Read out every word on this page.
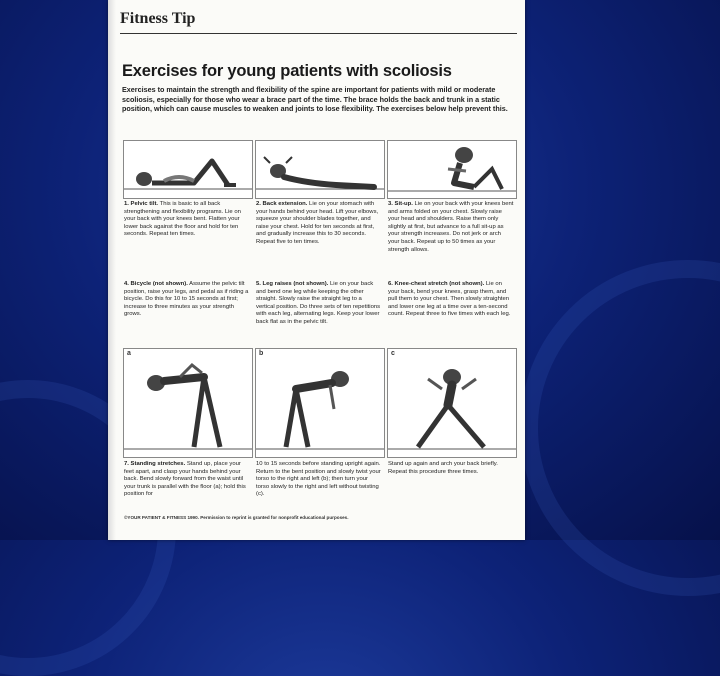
Fitness Tip
Exercises for young patients with scoliosis
Exercises to maintain the strength and flexibility of the spine are important for patients with mild or moderate scoliosis, especially for those who wear a brace part of the time. The brace holds the back and trunk in a static position, which can cause muscles to weaken and joints to lose flexibility. The exercises below help prevent this.
1. Pelvic tilt. This is basic to all back strengthening and flexibility programs. Lie on your back with your knees bent. Flatten your lower back against the floor and hold for ten seconds. Repeat ten times.
2. Back extension. Lie on your stomach with your hands behind your head. Lift your elbows, squeeze your shoulder blades together, and raise your chest. Hold for ten seconds at first, and gradually increase this to 30 seconds. Repeat five to ten times.
3. Sit-up. Lie on your back with your knees bent and arms folded on your chest. Slowly raise your head and shoulders. Raise them only slightly at first, but advance to a full sit-up as your strength increases. Do not jerk or arch your back. Repeat up to 50 times as your strength allows.
4. Bicycle (not shown). Assume the pelvic tilt position, raise your legs, and pedal as if riding a bicycle. Do this for 10 to 15 seconds at first; increase to three minutes as your strength grows.
5. Leg raises (not shown). Lie on your back and bend one leg while keeping the other straight. Slowly raise the straight leg to a vertical position. Do three sets of ten repetitions with each leg, alternating legs. Keep your lower back flat as in the pelvic tilt.
6. Knee-chest stretch (not shown). Lie on your back, bend your knees, grasp them, and pull them to your chest. Then slowly straighten and lower one leg at a time over a ten-second count. Repeat three to five times with each leg.
a	b	c
7. Standing stretches. Stand up, place your feet apart, and clasp your hands behind your back. Bend slowly forward from the waist until your trunk is parallel with the floor (a); hold this position for
10 to 15 seconds before standing upright again. Return to the bent position and slowly twist your torso to the right and left (b); then turn your torso slowly to the right and left without twisting (c).
Stand up again and arch your back briefly. Repeat this procedure three times.
©YOUR PATIENT & FITNESS 1990. Permission to reprint is granted for nonprofit educational purposes.
